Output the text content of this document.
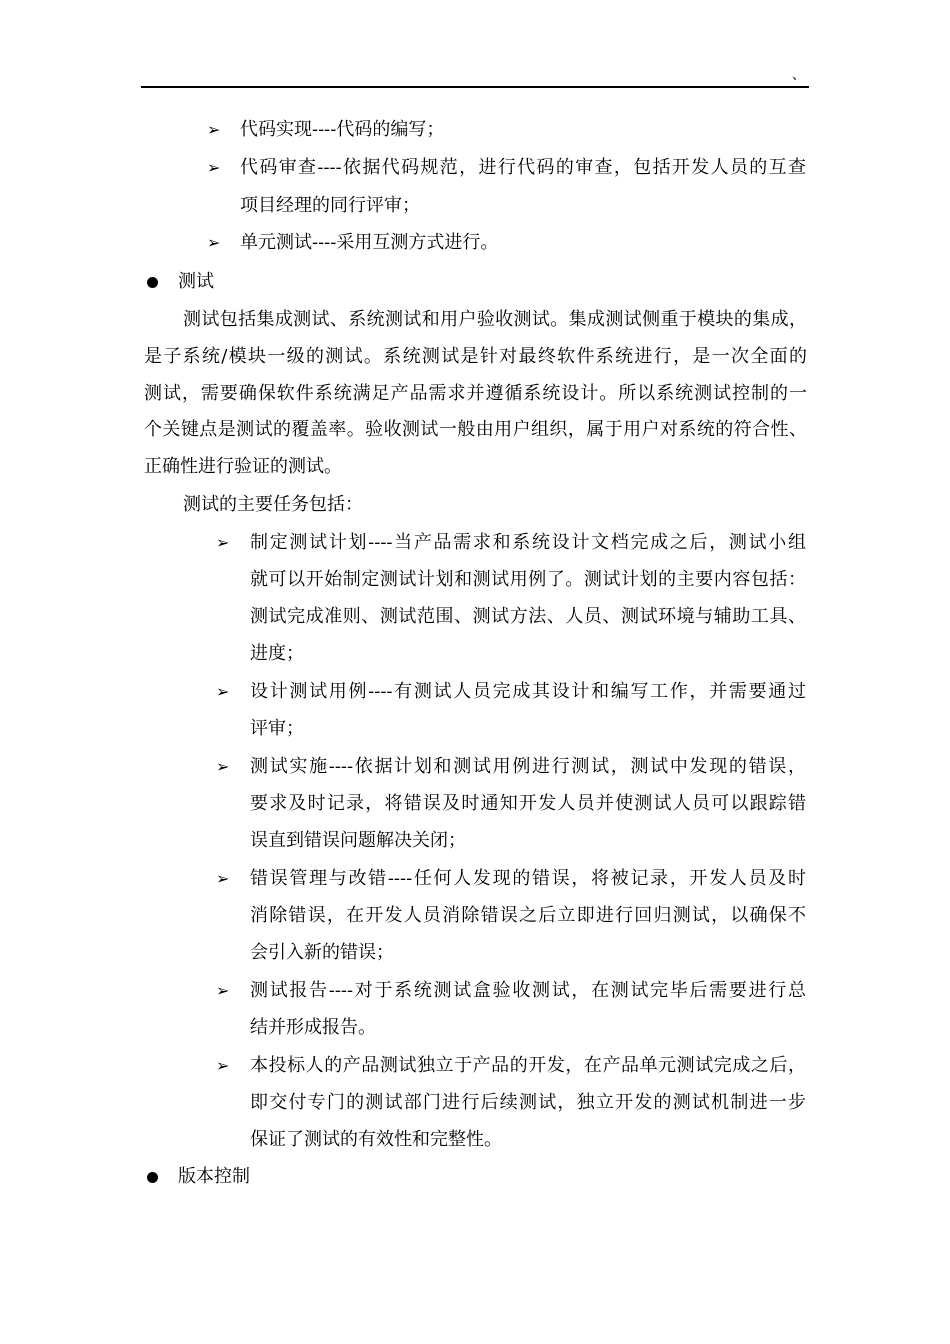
、
➢ 代码实现----代码的编写；
➢ 代码审查----依据代码规范，进行代码的审查，包括开发人员的互查
项目经理的同行评审；
➢ 单元测试----采用互测方式进行。
测试
测试包括集成测试、系统测试和用户验收测试。集成测试侧重于模块的集成，
是子系统/模块一级的测试。系统测试是针对最终软件系统进行，是一次全面的
测试，需要确保软件系统满足产品需求并遵循系统设计。所以系统测试控制的一
个关键点是测试的覆盖率。验收测试一般由用户组织，属于用户对系统的符合性、
正确性进行验证的测试。
测试的主要任务包括：
➢ 制定测试计划----当产品需求和系统设计文档完成之后，测试小组
就可以开始制定测试计划和测试用例了。测试计划的主要内容包括：
测试完成准则、测试范围、测试方法、人员、测试环境与辅助工具、
进度；
➢ 设计测试用例----有测试人员完成其设计和编写工作，并需要通过
评审；
➢ 测试实施----依据计划和测试用例进行测试，测试中发现的错误，
要求及时记录，将错误及时通知开发人员并使测试人员可以跟踪错
误直到错误问题解决关闭；
➢ 错误管理与改错----任何人发现的错误，将被记录，开发人员及时
消除错误，在开发人员消除错误之后立即进行回归测试，以确保不
会引入新的错误；
➢ 测试报告----对于系统测试盒验收测试，在测试完毕后需要进行总
结并形成报告。
➢ 本投标人的产品测试独立于产品的开发，在产品单元测试完成之后，
即交付专门的测试部门进行后续测试，独立开发的测试机制进一步
保证了测试的有效性和完整性。
版本控制
